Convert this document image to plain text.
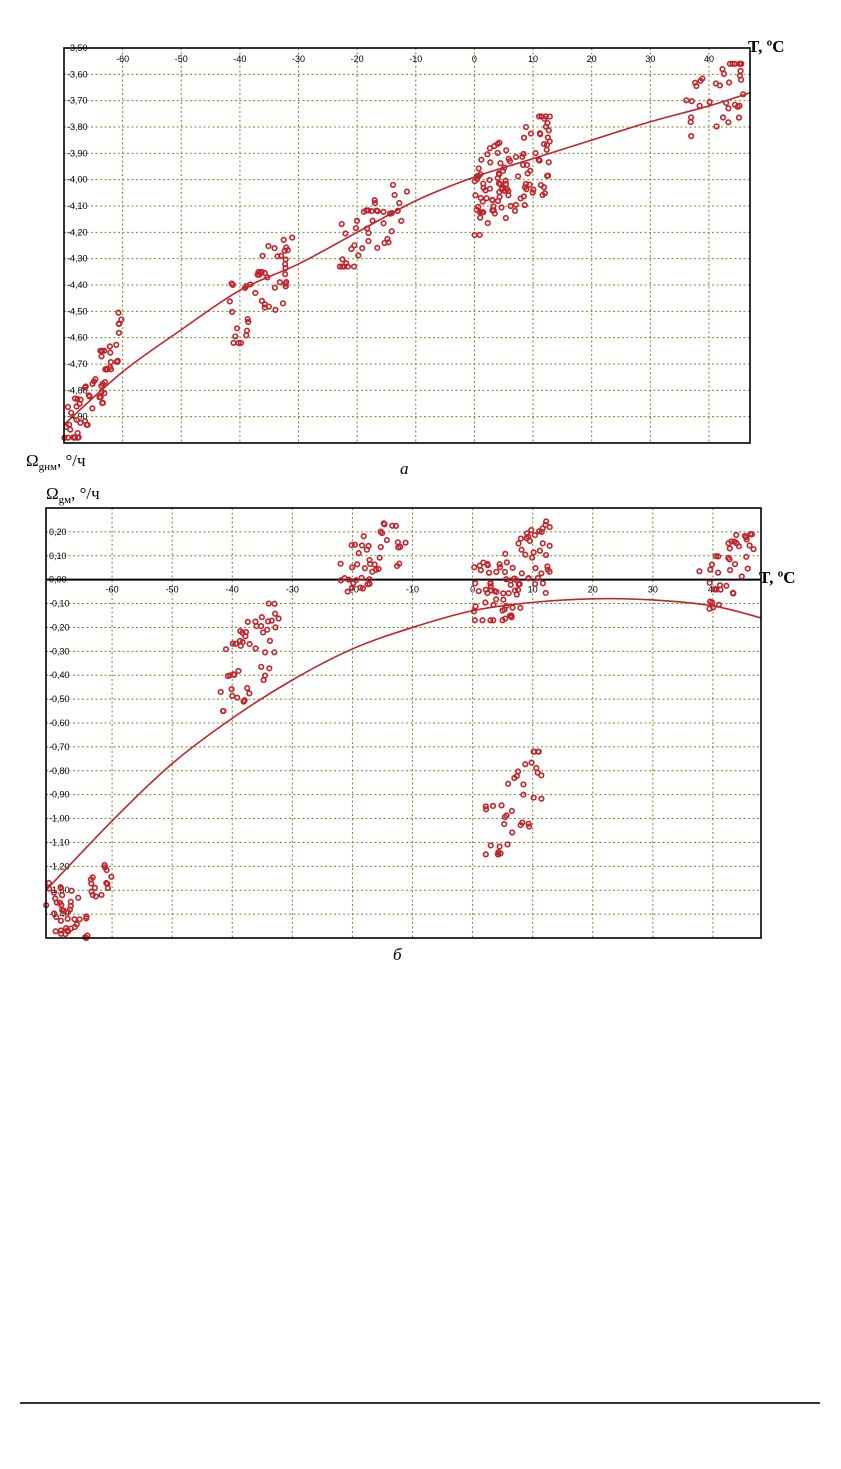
-60	-50	-40	-30	-20	-10	0	10	20	30	40
-3,50
-3,60
-3,70
-3,80
-3,90
-4,00
-4,10
-4,20
-4,30
-4,40
-4,50
-4,60
-4,70
-4,80
-4,90
T, ºC
$\Omega_{gнм}$, °/ч	а
-60	-50	-40	-30	-20	-10	0	10	20	30	40
0,20
0,10
0,00
-0,10
-0,20
-0,30
-0,40
-0,50
-0,60
-0,70
-0,80
-0,90
-1,00
-1,10
-1,20
-1,30
-1,40
T, ºC
$\Omega_{gм}$, °/ч
б
